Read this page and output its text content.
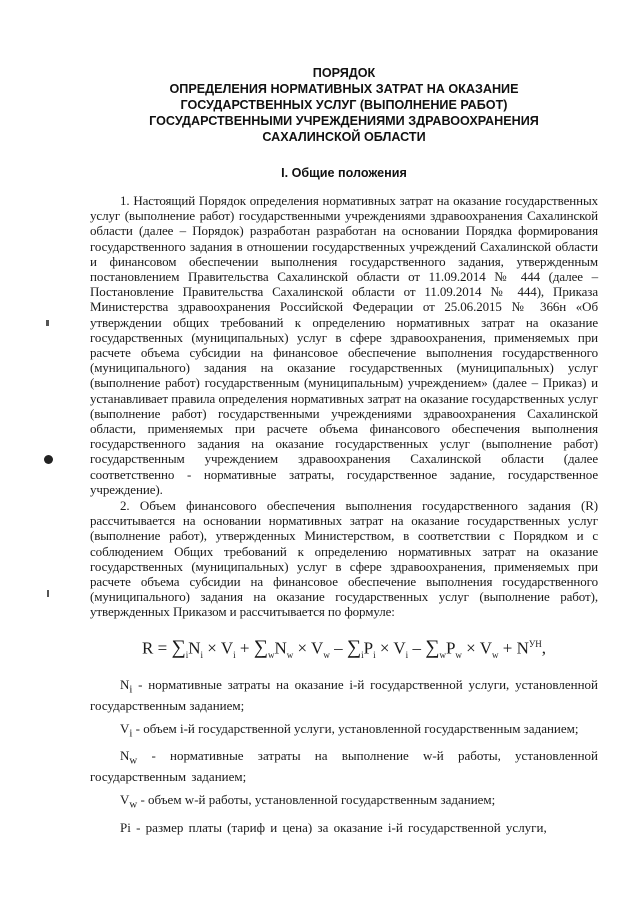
ПОРЯДОК
ОПРЕДЕЛЕНИЯ НОРМАТИВНЫХ ЗАТРАТ НА ОКАЗАНИЕ
ГОСУДАРСТВЕННЫХ УСЛУГ (ВЫПОЛНЕНИЕ РАБОТ)
ГОСУДАРСТВЕННЫМИ УЧРЕЖДЕНИЯМИ ЗДРАВООХРАНЕНИЯ
САХАЛИНСКОЙ ОБЛАСТИ
I. Общие положения

1. Настоящий Порядок определения нормативных затрат на оказание государственных услуг (выполнение работ) государственными учреждениями здравоохранения Сахалинской области (далее – Порядок) разработан разработан на основании Порядка формирования государственного задания в отношении государственных учреждений Сахалинской области и финансовом обеспечении выполнения государственного задания, утвержденным постановлением Правительства Сахалинской области от 11.09.2014 № 444 (далее – Постановление Правительства Сахалинской области от 11.09.2014 № 444), Приказа Министерства здравоохранения Российской Федерации от 25.06.2015 № 366н «Об утверждении общих требований к определению нормативных затрат на оказание государственных (муниципальных) услуг в сфере здравоохранения, применяемых при расчете объема субсидии на финансовое обеспечение выполнения государственного (муниципального) задания на оказание государственных (муниципальных) услуг (выполнение работ) государственным (муниципальным) учреждением» (далее – Приказ) и устанавливает правила определения нормативных затрат на оказание государственных услуг (выполнение работ) государственными учреждениями здравоохранения Сахалинской области, применяемых при расчете объема финансового обеспечения выполнения государственного задания на оказание государственных услуг (выполнение работ) государственным учреждением здравоохранения Сахалинской области (далее соответственно - нормативные затраты, государственное задание, государственное учреждение).

2. Объем финансового обеспечения выполнения государственного задания (R) рассчитывается на основании нормативных затрат на оказание государственных услуг (выполнение работ), утвержденных Министерством, в соответствии с Порядком и с соблюдением Общих требований к определению нормативных затрат на оказание государственных (муниципальных) услуг в сфере здравоохранения, применяемых при расчете объема субсидии на финансовое обеспечение выполнения государственного (муниципального) задания на оказание государственных услуг (выполнение работ), утвержденных Приказом и рассчитывается по формуле:

$R = \sum_iN_i \times V_i + \sum_wN_w \times V_w - \sum_iP_i \times V_i - \sum_wP_w \times V_w + N^{УН}$,

$N_i$ - нормативные затраты на оказание i-й государственной услуги, установленной государственным заданием;

$V_i$ - объем i-й государственной услуги, установленной государственным заданием;

$N_w$ - нормативные затраты на выполнение w-й работы, установленной государственным заданием;

$V_w$ - объем w-й работы, установленной государственным заданием;

Pi - размер платы (тариф и цена) за оказание i-й государственной услуги,
